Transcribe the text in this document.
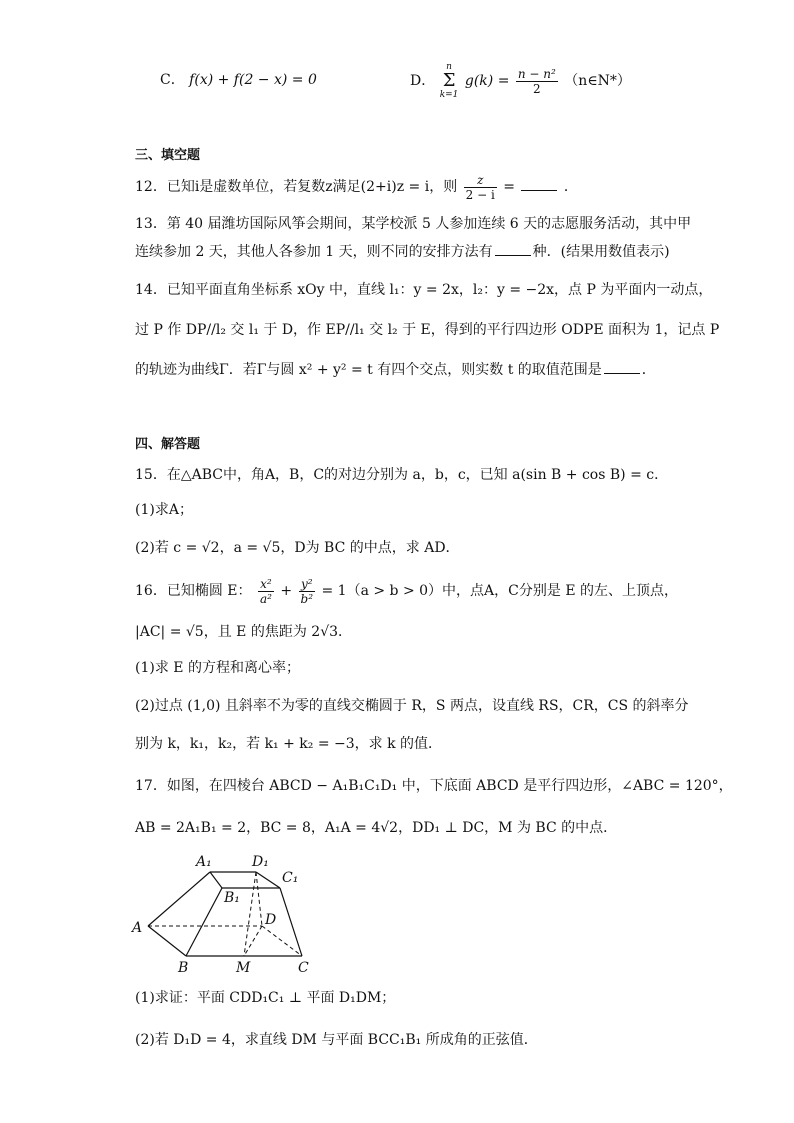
C． f(x) + f(2 − x) = 0	D． n
Σ
k=1 $g(k) = \frac{\text{n − n²}}{2}$ （n∈N*）
三、填空题
12．已知i是虚数单位，若复数z满足(2+i)z = i，则 $\frac{z}{2 - i}$ =	．
13．第 40 届潍坊国际风筝会期间，某学校派 5 人参加连续 6 天的志愿服务活动，其中甲
连续参加 2 天，其他人各参加 1 天，则不同的安排方法有	种．(结果用数值表示)
14．已知平面直角坐标系 xOy 中，直线 l₁：y = 2x，l₂：y = −2x，点 P 为平面内一动点，
过 P 作 DP//l₂ 交 l₁ 于 D，作 EP//l₁ 交 l₂ 于 E，得到的平行四边形 ODPE 面积为 1，记点 P
的轨迹为曲线Γ．若Γ与圆 x² + y² = t 有四个交点，则实数 t 的取值范围是	．
四、解答题
15．在△ABC中，角A，B，C的对边分别为 a，b，c，已知 a(sin B + cos B) = c．
(1)求A；
(2)若 c = √2，a = √5，D为 BC 的中点，求 AD．
16．已知椭圆 E： $\frac{\text{x²}}{\text{a²}} + \frac{\text{y²}}{\text{b²}} = 1(a > b > 0)$中，点A，C分别是 E 的左、上顶点，
|AC| = √5，且 E 的焦距为 2√3．
(1)求 E 的方程和离心率；
(2)过点 (1,0) 且斜率不为零的直线交椭圆于 R，S 两点，设直线 RS，CR，CS 的斜率分
别为 k，k₁，k₂，若 k₁ + k₂ = −3，求 k 的值．
17．如图，在四棱台 ABCD − A₁B₁C₁D₁ 中，下底面 ABCD 是平行四边形，∠ABC = 120°，
AB = 2A₁B₁ = 2，BC = 8，A₁A = 4√2，DD₁ ⊥ DC，M 为 BC 的中点．
A₁	D₁
C₁
B₁
A	D
B	M	C
(1)求证：平面 CDD₁C₁ ⊥ 平面 D₁DM；
(2)若 D₁D = 4，求直线 DM 与平面 BCC₁B₁ 所成角的正弦值．
